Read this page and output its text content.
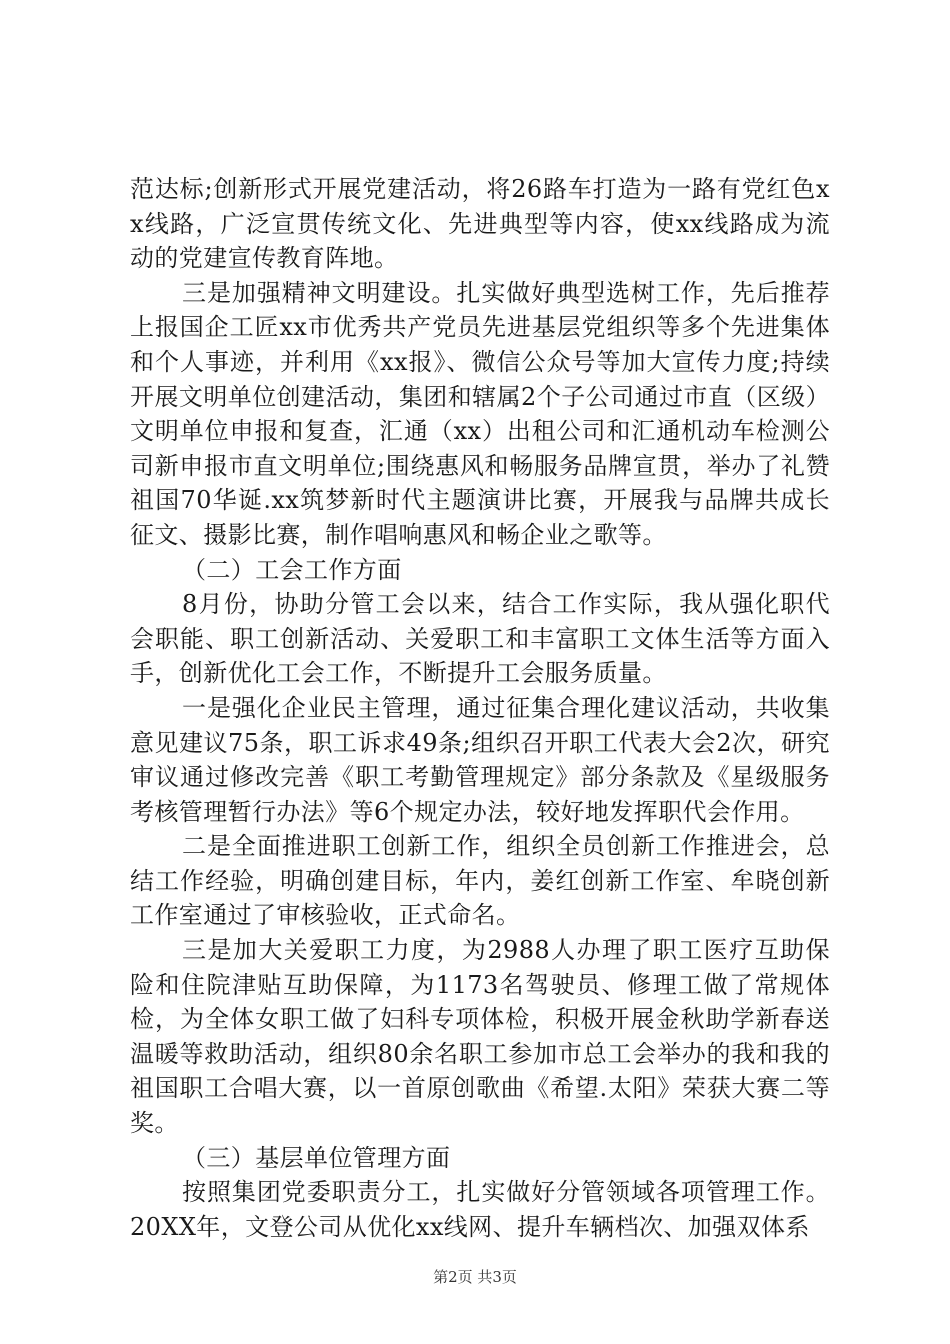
范达标;创新形式开展党建活动，将26路车打造为一路有党红色xx线路，广泛宣贯传统文化、先进典型等内容，使xx线路成为流动的党建宣传教育阵地。

三是加强精神文明建设。扎实做好典型选树工作，先后推荐上报国企工匠xx市优秀共产党员先进基层党组织等多个先进集体和个人事迹，并利用《xx报》、微信公众号等加大宣传力度;持续开展文明单位创建活动，集团和辖属2个子公司通过市直（区级）文明单位申报和复查，汇通（xx）出租公司和汇通机动车检测公司新申报市直文明单位;围绕惠风和畅服务品牌宣贯，举办了礼赞祖国70华诞.xx筑梦新时代主题演讲比赛，开展我与品牌共成长征文、摄影比赛，制作唱响惠风和畅企业之歌等。

（二）工会工作方面

8月份，协助分管工会以来，结合工作实际，我从强化职代会职能、职工创新活动、关爱职工和丰富职工文体生活等方面入手，创新优化工会工作，不断提升工会服务质量。

一是强化企业民主管理，通过征集合理化建议活动，共收集意见建议75条，职工诉求49条;组织召开职工代表大会2次，研究审议通过修改完善《职工考勤管理规定》部分条款及《星级服务考核管理暂行办法》等6个规定办法，较好地发挥职代会作用。

二是全面推进职工创新工作，组织全员创新工作推进会，总结工作经验，明确创建目标，年内，姜红创新工作室、牟晓创新工作室通过了审核验收，正式命名。

三是加大关爱职工力度，为2988人办理了职工医疗互助保险和住院津贴互助保障，为1173名驾驶员、修理工做了常规体检，为全体女职工做了妇科专项体检，积极开展金秋助学新春送温暖等救助活动，组织80余名职工参加市总工会举办的我和我的祖国职工合唱大赛，以一首原创歌曲《希望.太阳》荣获大赛二等奖。

（三）基层单位管理方面

按照集团党委职责分工，扎实做好分管领域各项管理工作。20XX年，文登公司从优化xx线网、提升车辆档次、加强双体系

第2页 共3页
